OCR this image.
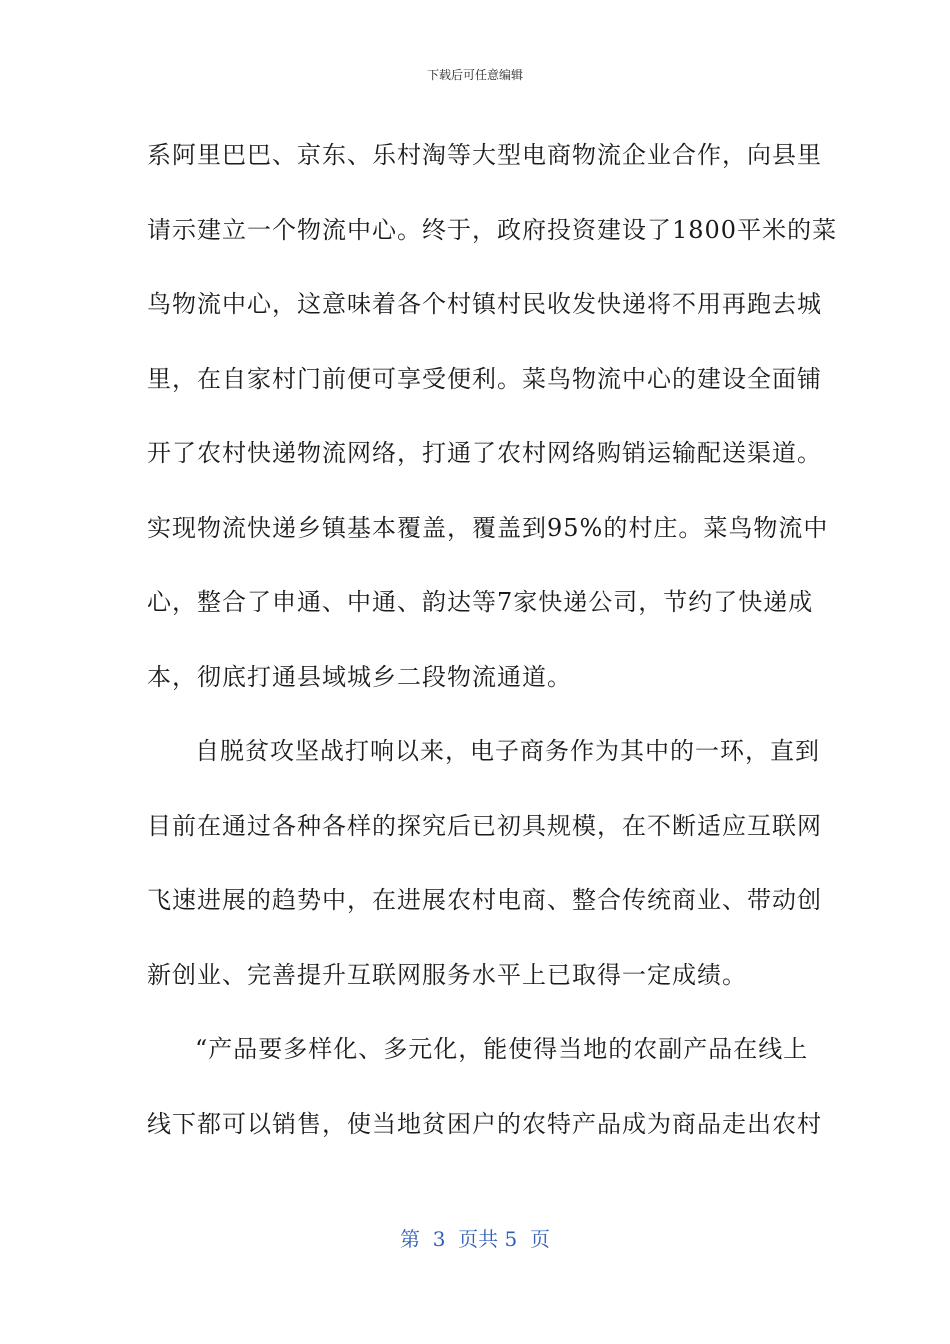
下载后可任意编辑
系阿里巴巴、京东、乐村淘等大型电商物流企业合作，向县里
请示建立一个物流中心。终于，政府投资建设了1800平米的菜
鸟物流中心，这意味着各个村镇村民收发快递将不用再跑去城
里，在自家村门前便可享受便利。菜鸟物流中心的建设全面铺
开了农村快递物流网络，打通了农村网络购销运输配送渠道。
实现物流快递乡镇基本覆盖，覆盖到95%的村庄。菜鸟物流中
心，整合了申通、中通、韵达等7家快递公司，节约了快递成
本，彻底打通县域城乡二段物流通道。
自脱贫攻坚战打响以来，电子商务作为其中的一环，直到
目前在通过各种各样的探究后已初具规模，在不断适应互联网
飞速进展的趋势中，在进展农村电商、整合传统商业、带动创
新创业、完善提升互联网服务水平上已取得一定成绩。
“产品要多样化、多元化，能使得当地的农副产品在线上
线下都可以销售，使当地贫困户的农特产品成为商品走出农村
第  3  页共 5  页
